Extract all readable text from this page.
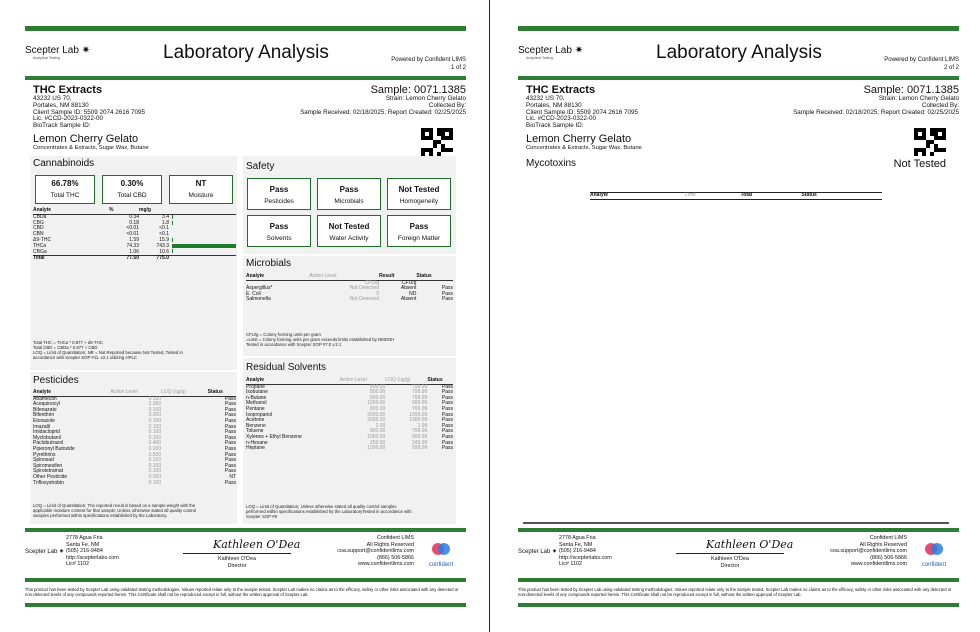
Scepter Lab ✷
Analytical Testing	Laboratory Analysis	Powered by Confident LIMS
1 of 2
THC Extracts
43232 US 70,
Portales, NM 88130
Client Sample ID: 5509 2074 2616 7095
Lic. #CCD-2023-0322-00
BioTrack Sample ID:
Lemon Cherry Gelato
Concentrates & Extracts, Sugar Wax, Butane
Sample: 0071.1385
Strain: Lemon Cherry Gelato
Collected By:
Sample Received: 02/18/2025; Report Created: 02/25/2025
Cannabinoids
66.78%
Total THC
0.30%
Total CBD
NT
Moisture
Analyte	%	mg/g	
CBDa	0.34	3.4	
CBG	0.18	1.8	
CBD	<0.01	<0.1	
CBN	<0.01	<0.1	
Δ9-THC	1.59	15.9	
THCa	74.33	743.3	
CBGa	1.06	10.6	
Total	77.50	775.0	
Total THC = THCa * 0.877 + d9-THC
Total CBD = CBDa * 0.877 + CBD
LOQ = Limit of Quantitation; NR = Not Reported because Not Tested, Tested in
accordance with Scepter SOP #11. v2.1 utilizing HPLC
Safety
Pass
Pesticides
Pass
Microbials
Not Tested
Homogeneity
Pass
Solvents
Not Tested
Water Activity
Pass
Foreign Matter
Microbials
Analyte	Action Level	Result	Status
	CFU/g	CFU/g	
Aspergillus*	Not Detected	Absent	Pass
E. Coli	0	ND	Pass
Salmonella	Not Detected	Absent	Pass
CFU/g = Colony forming units per gram
=Limit = Colony forming units per gram exceeds limits established by NMDOH
Tested in accordance with Scepter SOP #7.0 v.2.1
Pesticides
Analyte	Action Level	LOQ (ug/g)	Status
Abamectin	0.100		Pass
Acequinocyl	2.000		Pass
Bifenazate	0.100		Pass
Bifenthrin	3.000		Pass
Etoxazole	0.100		Pass
Imazalil	0.100		Pass
Imidacloprid	0.100		Pass
Myclobutanil	0.100		Pass
Paclobutrazol	0.400		Pass
Piperonyl Butoxide	3.000		Pass
Pyrethrins	0.500		Pass
Spinosad	0.100		Pass
Spiromesifen	0.100		Pass
Spirotetramat	0.100		Pass
Other Pesticide	0.000		NT
Trifloxystrobin	0.100		Pass
LOQ = Limit of Quantitation; The reported result is based on a sample weight with the
applicable moisture content for that sample; Unless otherwise stated all quality control
samples performed within specifications established by the Laboratory.
Residual Solvents
Analyte	Action Level	LOQ (ug/g)	Status
Propane	800.00	799.99	Pass
Isobutane	800.00	799.99	Pass
n-Butane	800.00	799.99	Pass
Methanol	1000.00	999.99	Pass
Pentane	800.00	799.99	Pass
Isopropanol	2000.00	1999.99	Pass
Acetone	2000.00	1999.99	Pass
Benzene	2.00	1.99	Pass
Toluene	800.00	799.99	Pass
Xylenes + Ethyl Benzene	1000.00	999.99	Pass
n-Hexane	250.00	249.99	Pass
Heptane	1000.00	999.99	Pass
LOQ = Limit of Quantitation; Unless otherwise stated all quality control samples
performed within specifications established by the LaboratoryTested in accordance with
Scepter SOP #8
Scepter Lab ✷
2778 Agua Fria
Santa Fe, NM
(505) 216-9484
http://scepterlabs.com
Lic# 1102
Kathleen O'Dea
Kathleen O'Dea
Director
Confident LIMS
All Rights Reserved
coa.support@confidentlims.com
(866) 506-5866
www.confidentlims.com	confident
This product has been tested by Scepter Lab using validated testing methodologies. Values reported relate only to the sample tested. Scepter Lab makes no claims as to the efficacy, safety or other risks associated with any detected or non-detected levels of any compounds reported herein. This Certificate shall not be reproduced except in full, without the written approval of Scepter Lab.
Scepter Lab ✷
Analytical Testing	Laboratory Analysis	Powered by Confident LIMS
2 of 2
THC Extracts
43232 US 70,
Portales, NM 88130
Client Sample ID: 5509 2074 2616 7095
Lic. #CCD-2023-0322-00
BioTrack Sample ID:
Lemon Cherry Gelato
Concentrates & Extracts, Sugar Wax, Butane
Sample: 0071.1385
Strain: Lemon Cherry Gelato
Collected By:
Sample Received: 02/18/2025; Report Created: 02/25/2025
Mycotoxins	Not Tested
Analyte	Limit	Total	Status
Scepter Lab ✷
2778 Agua Fria
Santa Fe, NM
(505) 216-9484
http://scepterlabs.com
Lic# 1102
Kathleen O'Dea
Kathleen O'Dea
Director
Confident LIMS
All Rights Reserved
coa.support@confidentlims.com
(866) 506-5866
www.confidentlims.com	confident
This product has been tested by Scepter Lab using validated testing methodologies. Values reported relate only to the sample tested. Scepter Lab makes no claims as to the efficacy, safety or other risks associated with any detected or non-detected levels of any compounds reported herein. This Certificate shall not be reproduced except in full, without the written approval of Scepter Lab.
